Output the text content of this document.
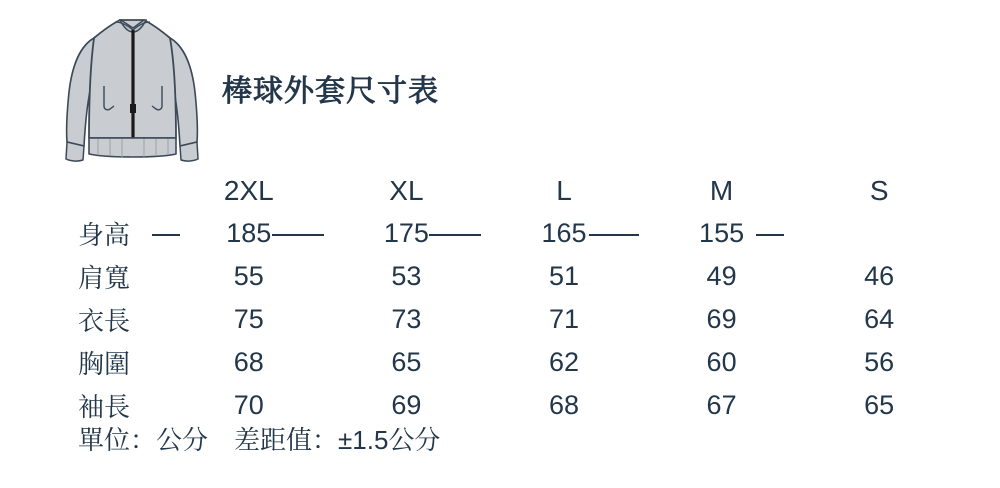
棒球外套尺寸表
2XL	XL	L	M	S
身高	185	175	165	155
肩寬	55	53	51	49	46
衣長	75	73	71	69	64
胸圍	68	65	62	60	56
袖長	70	69	68	67	65
單位：公分　差距值：±1.5公分
